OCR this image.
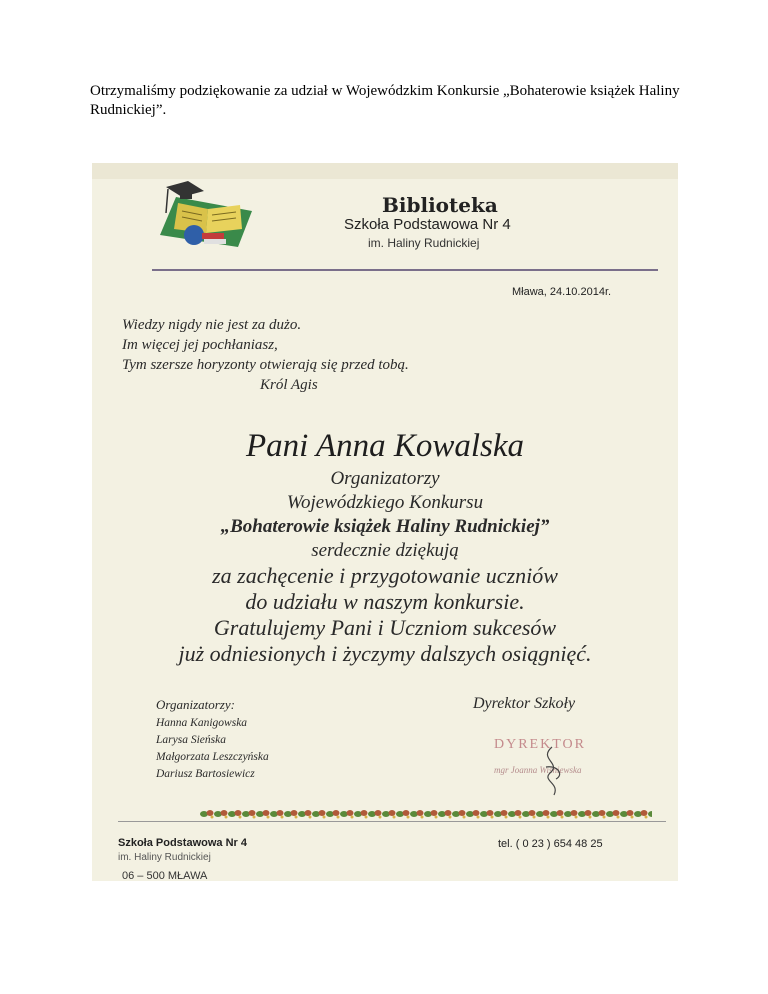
Otrzymaliśmy podziękowanie za udział w Wojewódzkim Konkursie „Bohaterowie książek Haliny Rudnickiej”.
Biblioteka
Szkoła Podstawowa Nr 4
im. Haliny Rudnickiej
Mława, 24.10.2014r.
Wiedzy nigdy nie jest za dużo.
Im więcej jej pochłaniasz,
Tym szersze horyzonty otwierają się przed tobą.
Król Agis
Pani Anna Kowalska
Organizatorzy
Wojewódzkiego Konkursu
„Bohaterowie książek Haliny Rudnickiej”
serdecznie dziękują
za zachęcenie i przygotowanie uczniów
do udziału w naszym konkursie.
Gratulujemy Pani i Uczniom sukcesów
już odniesionych i życzymy dalszych osiągnięć.
Organizatorzy:
Hanna Kanigowska
Larysa Sieńska
Małgorzata Leszczyńska
Dariusz Bartosiewicz
Dyrektor Szkoły
DYREKTOR
mgr Joanna Wiśniewska
Szkoła Podstawowa Nr 4
im. Haliny Rudnickiej
tel. ( 0 23 ) 654 48 25
06 – 500 MŁAWA
